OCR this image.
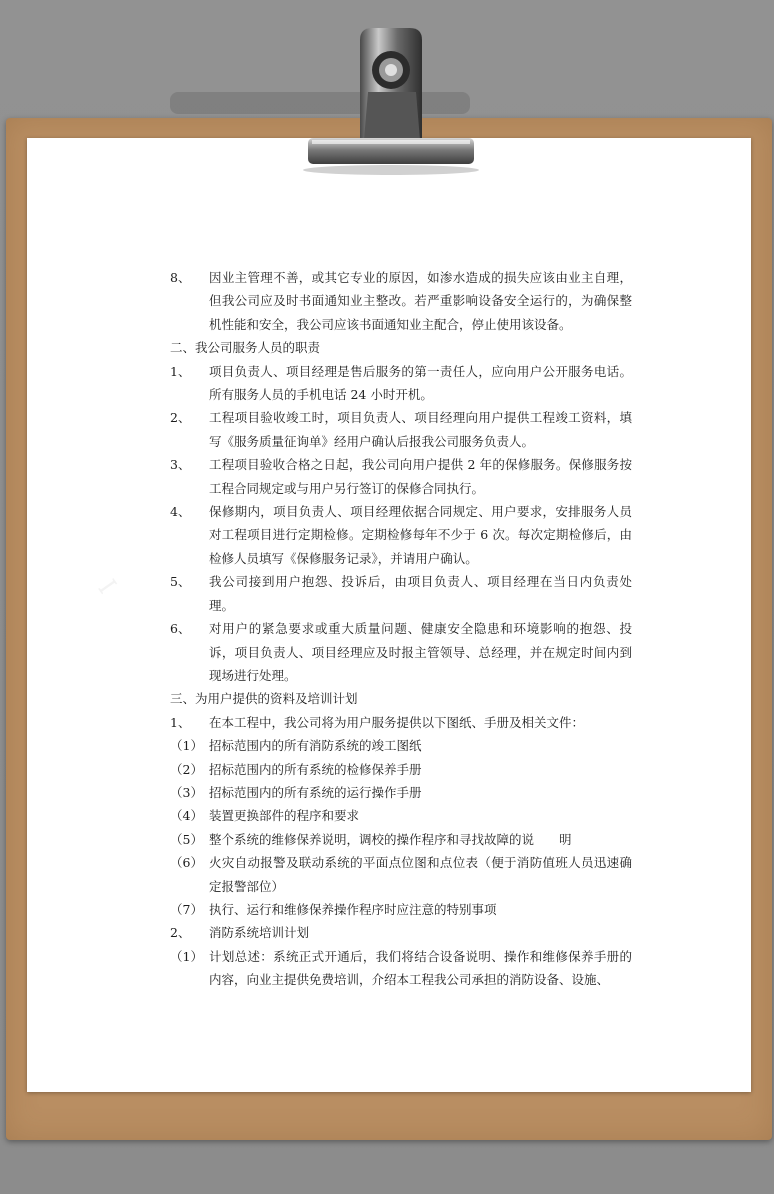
ꟷ
8、 因业主管理不善，或其它专业的原因，如渗水造成的损失应该由业主自理，但我公司应及时书面通知业主整改。若严重影响设备安全运行的，为确保整机性能和安全，我公司应该书面通知业主配合，停止使用该设备。
二、我公司服务人员的职责
1、 项目负责人、项目经理是售后服务的第一责任人，应向用户公开服务电话。所有服务人员的手机电话 24 小时开机。
2、 工程项目验收竣工时，项目负责人、项目经理向用户提供工程竣工资料，填写《服务质量征询单》经用户确认后报我公司服务负责人。
3、 工程项目验收合格之日起，我公司向用户提供 2 年的保修服务。保修服务按工程合同规定或与用户另行签订的保修合同执行。
4、 保修期内，项目负责人、项目经理依据合同规定、用户要求，安排服务人员对工程项目进行定期检修。定期检修每年不少于 6 次。每次定期检修后，由检修人员填写《保修服务记录》，并请用户确认。
5、 我公司接到用户抱怨、投诉后，由项目负责人、项目经理在当日内负责处理。
6、 对用户的紧急要求或重大质量问题、健康安全隐患和环境影响的抱怨、投诉，项目负责人、项目经理应及时报主管领导、总经理，并在规定时间内到现场进行处理。
三、为用户提供的资料及培训计划
1、 在本工程中，我公司将为用户服务提供以下图纸、手册及相关文件：
（1） 招标范围内的所有消防系统的竣工图纸
（2） 招标范围内的所有系统的检修保养手册
（3） 招标范围内的所有系统的运行操作手册
（4） 装置更换部件的程序和要求
（5） 整个系统的维修保养说明，调校的操作程序和寻找故障的说　　明
（6） 火灾自动报警及联动系统的平面点位图和点位表（便于消防值班人员迅速确定报警部位）
（7） 执行、运行和维修保养操作程序时应注意的特别事项
2、 消防系统培训计划
（1） 计划总述：系统正式开通后，我们将结合设备说明、操作和维修保养手册的内容，向业主提供免费培训，介绍本工程我公司承担的消防设备、设施、
